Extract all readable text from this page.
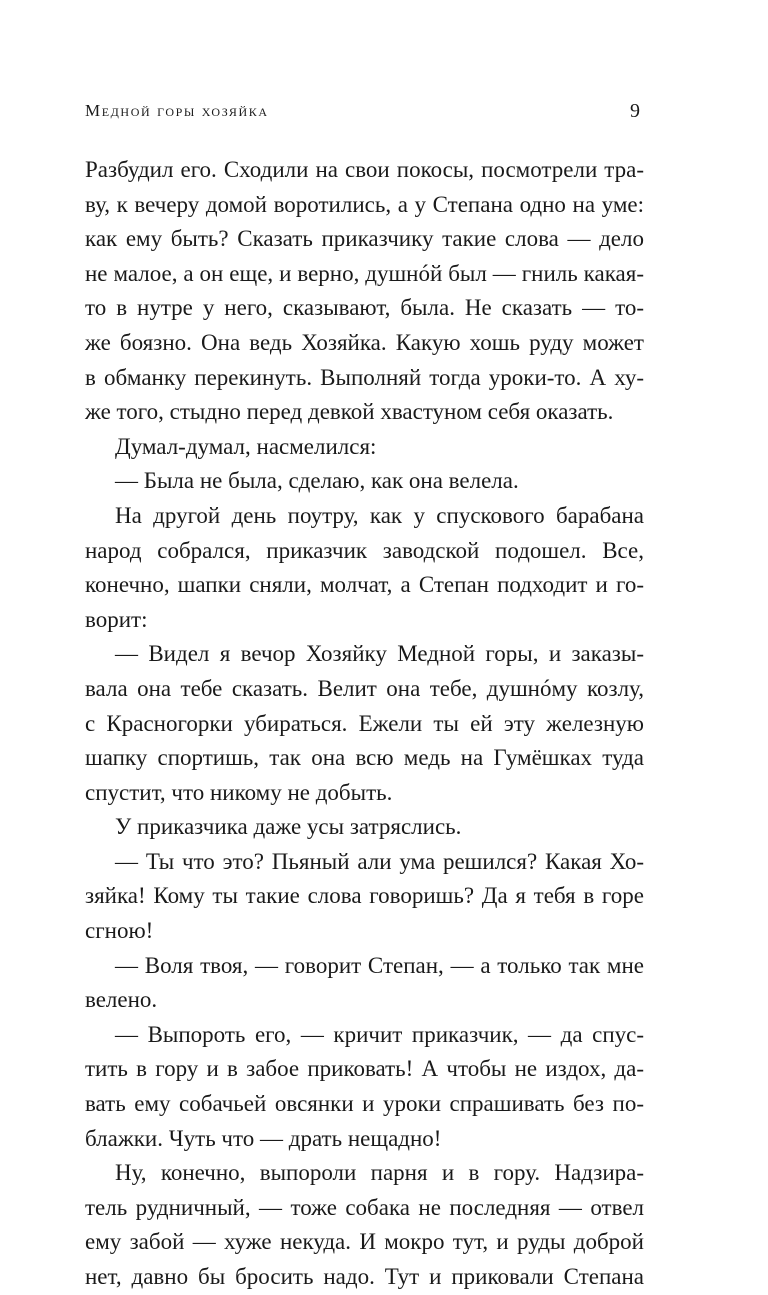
Медной горы хозяйка	9
Разбудил его. Сходили на свои покосы, посмотрели тра-
ву, к вечеру домой воротились, а у Степана одно на уме:
как ему быть? Сказать приказчику такие слова — дело
не малое, а он еще, и верно, душнóй был — гниль какая-
то в нутре у него, сказывают, была. Не сказать — то-
же боязно. Она ведь Хозяйка. Какую хошь руду может
в обманку перекинуть. Выполняй тогда уроки-то. А ху-
же того, стыдно перед девкой хвастуном себя оказать.
Думал-думал, насмелился:
— Была не была, сделаю, как она велела.
На другой день поутру, как у спускового барабана
народ собрался, приказчик заводской подошел. Все,
конечно, шапки сняли, молчат, а Степан подходит и го-
ворит:
— Видел я вечор Хозяйку Медной горы, и заказы-
вала она тебе сказать. Велит она тебе, душнóму козлу,
с Красногорки убираться. Ежели ты ей эту железную
шапку спортишь, так она всю медь на Гумёшках туда
спустит, что никому не добыть.
У приказчика даже усы затряслись.
— Ты что это? Пьяный али ума решился? Какая Хо-
зяйка! Кому ты такие слова говоришь? Да я тебя в горе
сгною!
— Воля твоя, — говорит Степан, — а только так мне
велено.
— Выпороть его, — кричит приказчик, — да спус-
тить в гору и в забое приковать! А чтобы не издох, да-
вать ему собачьей овсянки и уроки спрашивать без по-
блажки. Чуть что — драть нещадно!
Ну, конечно, выпороли парня и в гору. Надзира-
тель рудничный, — тоже собака не последняя — отвел
ему забой — хуже некуда. И мокро тут, и руды доброй
нет, давно бы бросить надо. Тут и приковали Степана
